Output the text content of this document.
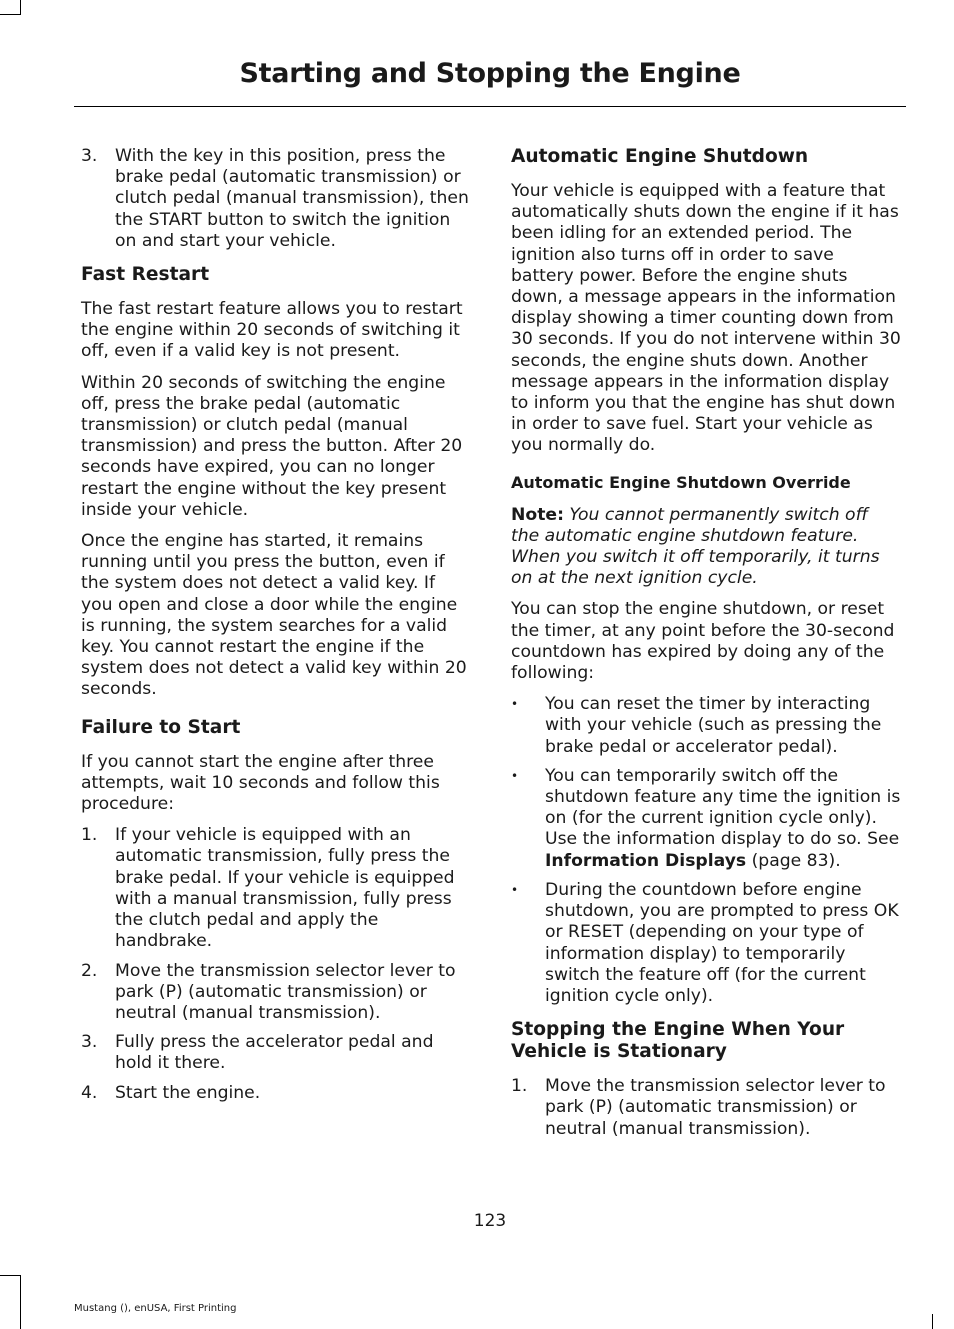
Starting and Stopping the Engine
3. With the key in this position, press the brake pedal (automatic transmission) or clutch pedal (manual transmission), then the START button to switch the ignition on and start your vehicle.
Fast Restart

The fast restart feature allows you to restart the engine within 20 seconds of switching it off, even if a valid key is not present.

Within 20 seconds of switching the engine off, press the brake pedal (automatic transmission) or clutch pedal (manual transmission) and press the button. After 20 seconds have expired, you can no longer restart the engine without the key present inside your vehicle.

Once the engine has started, it remains running until you press the button, even if the system does not detect a valid key. If you open and close a door while the engine is running, the system searches for a valid key. You cannot restart the engine if the system does not detect a valid key within 20 seconds.

Failure to Start

If you cannot start the engine after three attempts, wait 10 seconds and follow this procedure:

1. If your vehicle is equipped with an automatic transmission, fully press the brake pedal. If your vehicle is equipped with a manual transmission, fully press the clutch pedal and apply the handbrake.
2. Move the transmission selector lever to park (P) (automatic transmission) or neutral (manual transmission).
3. Fully press the accelerator pedal and hold it there.
4. Start the engine.
Automatic Engine Shutdown

Your vehicle is equipped with a feature that automatically shuts down the engine if it has been idling for an extended period. The ignition also turns off in order to save battery power. Before the engine shuts down, a message appears in the information display showing a timer counting down from 30 seconds. If you do not intervene within 30 seconds, the engine shuts down. Another message appears in the information display to inform you that the engine has shut down in order to save fuel. Start your vehicle as you normally do.

Automatic Engine Shutdown Override

Note: You cannot permanently switch off the automatic engine shutdown feature. When you switch it off temporarily, it turns on at the next ignition cycle.

You can stop the engine shutdown, or reset the timer, at any point before the 30-second countdown has expired by doing any of the following:

• You can reset the timer by interacting with your vehicle (such as pressing the brake pedal or accelerator pedal).
• You can temporarily switch off the shutdown feature any time the ignition is on (for the current ignition cycle only). Use the information display to do so. See Information Displays (page 83).
• During the countdown before engine shutdown, you are prompted to press OK or RESET (depending on your type of information display) to temporarily switch the feature off (for the current ignition cycle only).
Stopping the Engine When Your Vehicle is Stationary
1. Move the transmission selector lever to park (P) (automatic transmission) or neutral (manual transmission).
123
Mustang (), enUSA, First Printing
